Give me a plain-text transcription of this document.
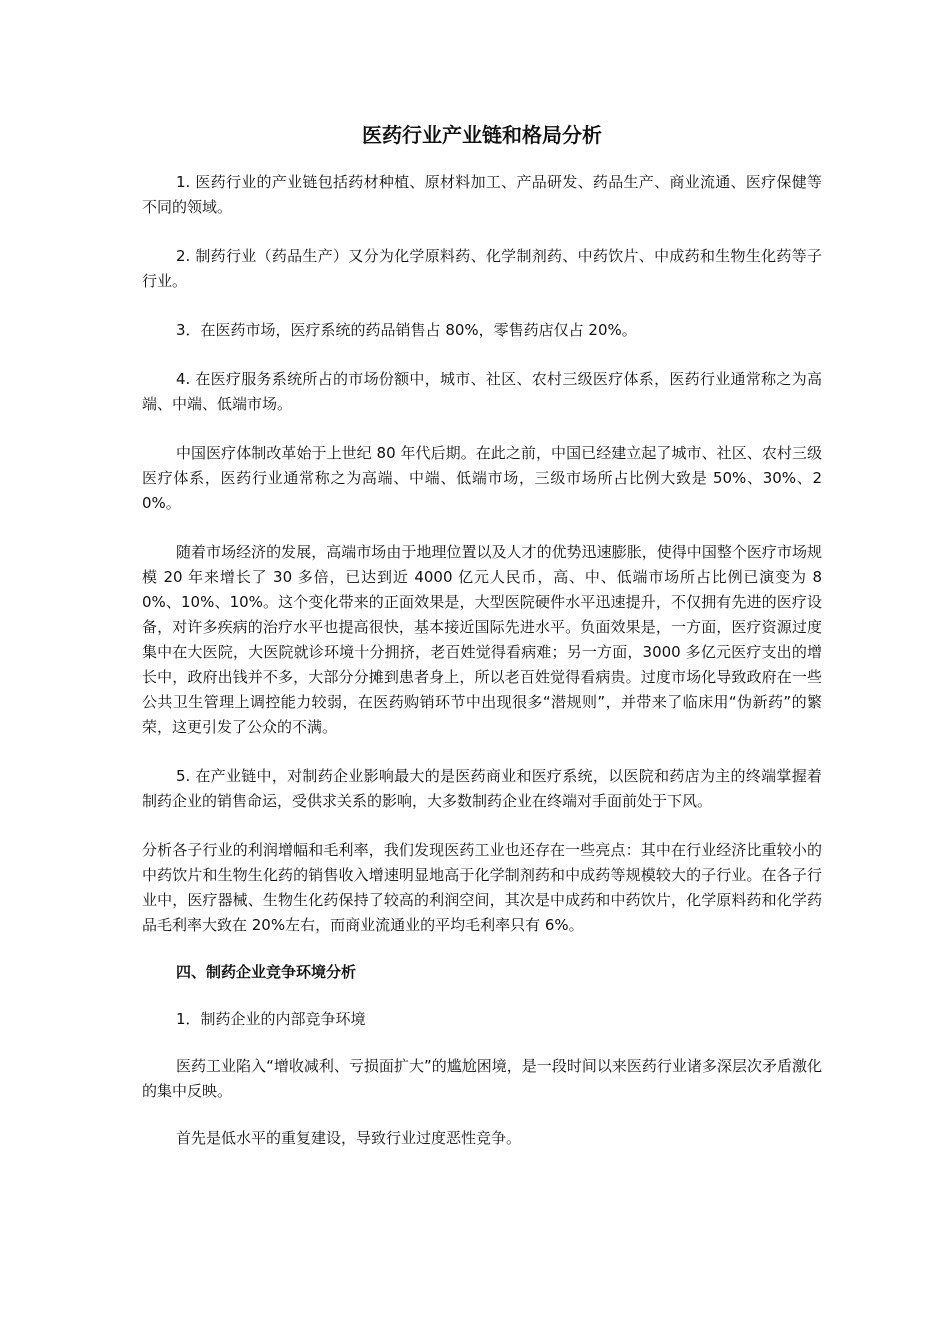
医药行业产业链和格局分析

1. 医药行业的产业链包括药材种植、原材料加工、产品研发、药品生产、商业流通、医疗保健等不同的领域。

2. 制药行业（药品生产）又分为化学原料药、化学制剂药、中药饮片、中成药和生物生化药等子行业。

3．在医药市场，医疗系统的药品销售占 80%，零售药店仅占 20%。

4. 在医疗服务系统所占的市场份额中，城市、社区、农村三级医疗体系，医药行业通常称之为高端、中端、低端市场。

中国医疗体制改革始于上世纪 80 年代后期。在此之前，中国已经建立起了城市、社区、农村三级医疗体系，医药行业通常称之为高端、中端、低端市场，三级市场所占比例大致是 50%、30%、20%。

随着市场经济的发展，高端市场由于地理位置以及人才的优势迅速膨胀，使得中国整个医疗市场规模 20 年来增长了 30 多倍，已达到近 4000 亿元人民币，高、中、低端市场所占比例已演变为 80%、10%、10%。这个变化带来的正面效果是，大型医院硬件水平迅速提升，不仅拥有先进的医疗设备，对许多疾病的治疗水平也提高很快，基本接近国际先进水平。负面效果是，一方面，医疗资源过度集中在大医院，大医院就诊环境十分拥挤，老百姓觉得看病难；另一方面，3000 多亿元医疗支出的增长中，政府出钱并不多，大部分分摊到患者身上，所以老百姓觉得看病贵。过度市场化导致政府在一些公共卫生管理上调控能力较弱，在医药购销环节中出现很多“潜规则”，并带来了临床用“伪新药”的繁荣，这更引发了公众的不满。

5. 在产业链中，对制药企业影响最大的是医药商业和医疗系统，以医院和药店为主的终端掌握着制药企业的销售命运，受供求关系的影响，大多数制药企业在终端对手面前处于下风。

分析各子行业的利润增幅和毛利率，我们发现医药工业也还存在一些亮点：其中在行业经济比重较小的中药饮片和生物生化药的销售收入增速明显地高于化学制剂药和中成药等规模较大的子行业。在各子行业中，医疗器械、生物生化药保持了较高的利润空间，其次是中成药和中药饮片，化学原料药和化学药品毛利率大致在 20%左右，而商业流通业的平均毛利率只有 6%。

四、制药企业竞争环境分析

1．制药企业的内部竞争环境

医药工业陷入“增收减利、亏损面扩大”的尴尬困境，是一段时间以来医药行业诸多深层次矛盾激化的集中反映。

首先是低水平的重复建设，导致行业过度恶性竞争。
